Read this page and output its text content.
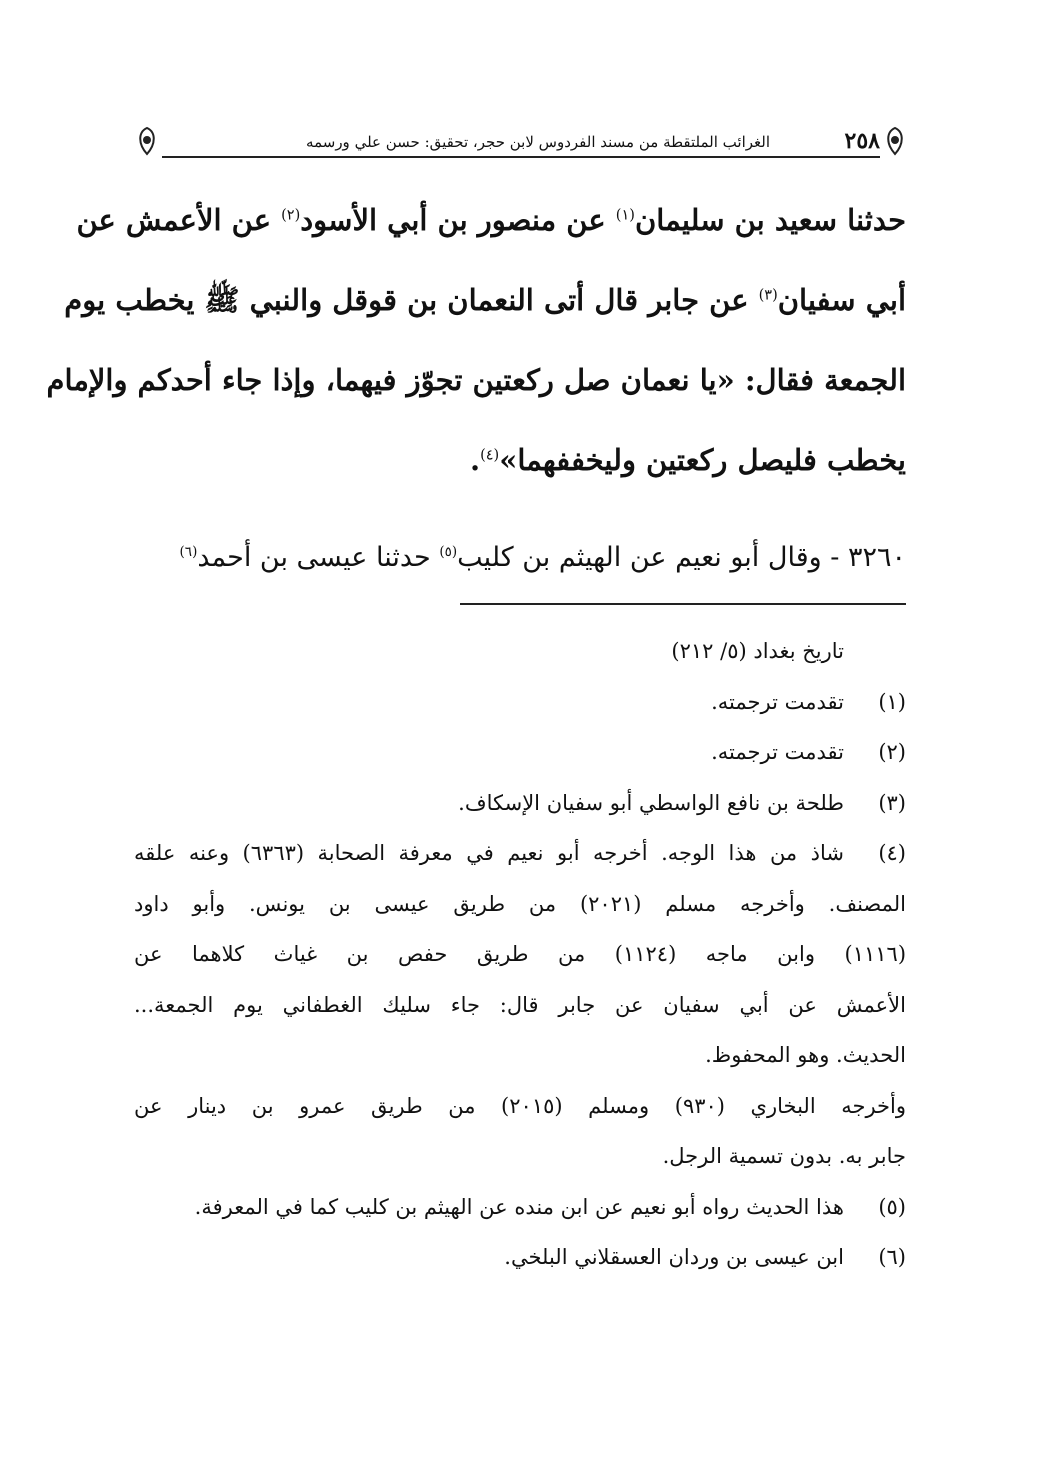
٢٥٨
الغرائب الملتقطة من مسند الفردوس لابن حجر، تحقيق: حسن علي ورسمه
حدثنا سعيد بن سليمان$^{(١)}$ عن منصور بن أبي الأسود$^{(٢)}$ عن الأعمش عن
أبي سفيان$^{(٣)}$ عن جابر قال أتى النعمان بن قوقل والنبي ﷺ يخطب يوم
الجمعة فقال: «يا نعمان صل ركعتين تجوّز فيهما، وإذا جاء أحدكم والإمام
يخطب فليصل ركعتين وليخففهما»$^{(٤)}$.
٣٢٦٠ - وقال أبو نعيم عن الهيثم بن كليب$^{(٥)}$ حدثنا عيسى بن أحمد$^{(٦)}$
تاريخ بغداد (٥/ ٢١٢)
(١)
تقدمت ترجمته.
(٢)
تقدمت ترجمته.
(٣)
طلحة بن نافع الواسطي أبو سفيان الإسكاف.
(٤)
شاذ من هذا الوجه. أخرجه أبو نعيم في معرفة الصحابة (٦٣٦٣) وعنه علقه
المصنف. وأخرجه مسلم (٢٠٢١) من طريق عيسى بن يونس. وأبو داود
(١١١٦) وابن ماجه (١١٢٤) من طريق حفص بن غياث كلاهما عن
الأعمش عن أبي سفيان عن جابر قال: جاء سليك الغطفاني يوم الجمعة...
الحديث. وهو المحفوظ.
وأخرجه البخاري (٩٣٠) ومسلم (٢٠١٥) من طريق عمرو بن دينار عن
جابر به. بدون تسمية الرجل.
(٥)
هذا الحديث رواه أبو نعيم عن ابن منده عن الهيثم بن كليب كما في المعرفة.
(٦)
ابن عيسى بن وردان العسقلاني البلخي.
